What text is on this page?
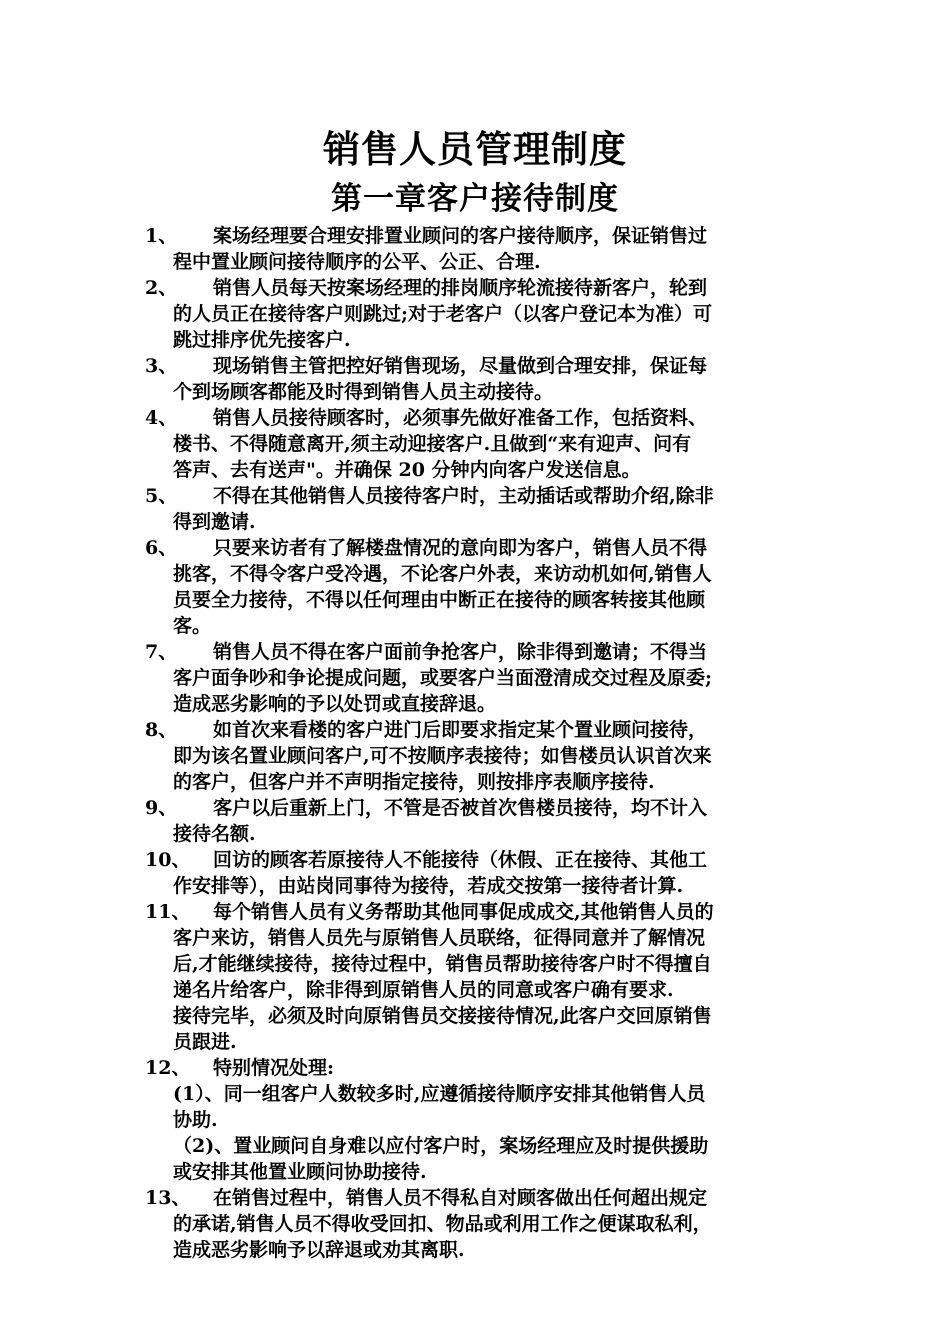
销售人员管理制度
第一章客户接待制度
1、	案场经理要合理安排置业顾问的客户接待顺序，保证销售过
程中置业顾问接待顺序的公平、公正、合理.
2、	销售人员每天按案场经理的排岗顺序轮流接待新客户，轮到
的人员正在接待客户则跳过;对于老客户（以客户登记本为准）可
跳过排序优先接客户.
3、	现场销售主管把控好销售现场，尽量做到合理安排，保证每
个到场顾客都能及时得到销售人员主动接待。
4、	销售人员接待顾客时，必须事先做好准备工作，包括资料、
楼书、不得随意离开,须主动迎接客户.且做到“来有迎声、问有
答声、去有送声"。并确保 20 分钟内向客户发送信息。
5、	不得在其他销售人员接待客户时，主动插话或帮助介绍,除非
得到邀请.
6、	只要来访者有了解楼盘情况的意向即为客户，销售人员不得
挑客，不得令客户受冷遇，不论客户外表，来访动机如何,销售人
员要全力接待，不得以任何理由中断正在接待的顾客转接其他顾
客。
7、	销售人员不得在客户面前争抢客户，除非得到邀请；不得当
客户面争吵和争论提成问题，或要客户当面澄清成交过程及原委;
造成恶劣影响的予以处罚或直接辞退。
8、	如首次来看楼的客户进门后即要求指定某个置业顾问接待，
即为该名置业顾问客户,可不按顺序表接待；如售楼员认识首次来
的客户，但客户并不声明指定接待，则按排序表顺序接待.
9、	客户以后重新上门，不管是否被首次售楼员接待，均不计入
接待名额.
10、	回访的顾客若原接待人不能接待（休假、正在接待、其他工
作安排等），由站岗同事待为接待，若成交按第一接待者计算.
11、	每个销售人员有义务帮助其他同事促成成交,其他销售人员的
客户来访，销售人员先与原销售人员联络，征得同意并了解情况
后,才能继续接待，接待过程中，销售员帮助接待客户时不得擅自
递名片给客户，除非得到原销售人员的同意或客户确有要求.
接待完毕，必须及时向原销售员交接接待情况,此客户交回原销售
员跟进.
12、	特别情况处理:
(1）、同一组客户人数较多时,应遵循接待顺序安排其他销售人员
协助.
（2)、置业顾问自身难以应付客户时，案场经理应及时提供援助
或安排其他置业顾问协助接待.
13、	在销售过程中，销售人员不得私自对顾客做出任何超出规定
的承诺,销售人员不得收受回扣、物品或利用工作之便谋取私利，
造成恶劣影响予以辞退或劝其离职.
